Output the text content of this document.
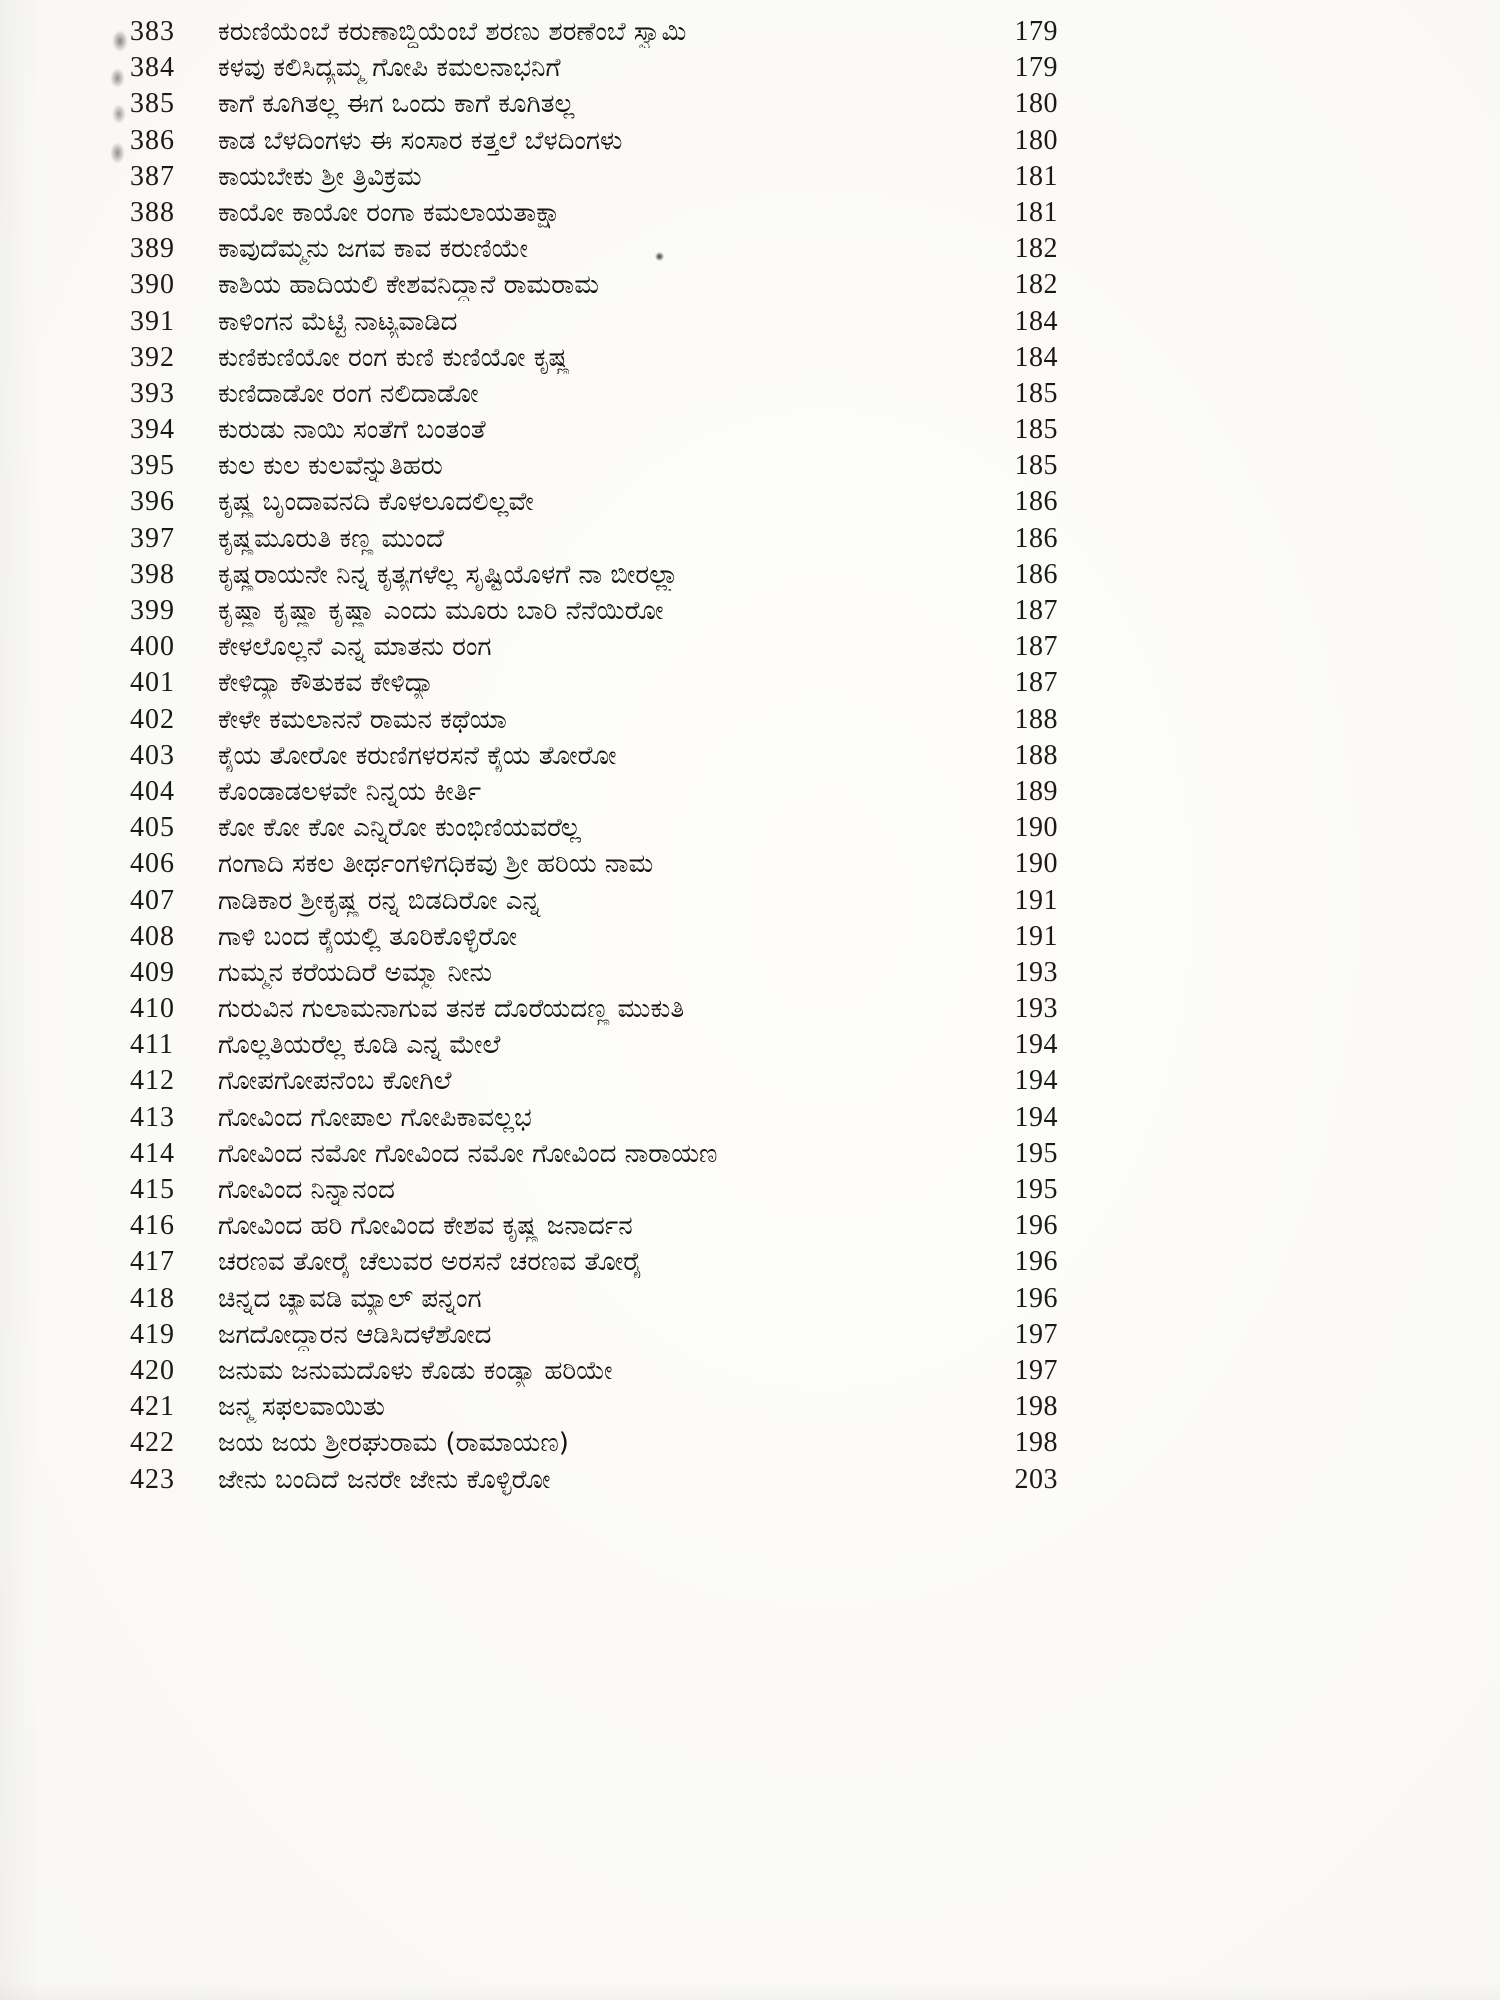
383	ಕರುಣಿಯೆಂಬೆ ಕರುಣಾಬ್ಧಿಯೆಂಬೆ ಶರಣು ಶರಣೆಂಬೆ ಸ್ವಾಮಿ	179
384	ಕಳವು ಕಲಿಸಿದ್ಯಮ್ಮ ಗೋಪಿ ಕಮಲನಾಭನಿಗೆ	179
385	ಕಾಗೆ ಕೂಗಿತಲ್ಲ ಈಗ ಒಂದು ಕಾಗೆ ಕೂಗಿತಲ್ಲ	180
386	ಕಾಡ ಬೆಳದಿಂಗಳು ಈ ಸಂಸಾರ ಕತ್ತಲೆ ಬೆಳದಿಂಗಳು	180
387	ಕಾಯಬೇಕು ಶ್ರೀ ತ್ರಿವಿಕ್ರಮ	181
388	ಕಾಯೋ ಕಾಯೋ ರಂಗಾ ಕಮಲಾಯತಾಕ್ಷಾ	181
389	ಕಾವುದೆಮ್ಮನು ಜಗವ ಕಾವ ಕರುಣಿಯೇ	182
390	ಕಾಶಿಯ ಹಾದಿಯಲಿ ಕೇಶವನಿದ್ದಾನೆ ರಾಮರಾಮ	182
391	ಕಾಳಿಂಗನ ಮೆಟ್ಟಿ ನಾಟ್ಯವಾಡಿದ	184
392	ಕುಣಿಕುಣಿಯೋ ರಂಗ ಕುಣಿ ಕುಣಿಯೋ ಕೃಷ್ಣ	184
393	ಕುಣಿದಾಡೋ ರಂಗ ನಲಿದಾಡೋ	185
394	ಕುರುಡು ನಾಯಿ ಸಂತೆಗೆ ಬಂತಂತೆ	185
395	ಕುಲ ಕುಲ ಕುಲವೆನ್ನುತಿಹರು	185
396	ಕೃಷ್ಣ ಬೃಂದಾವನದಿ ಕೊಳಲೂದಲಿಲ್ಲವೇ	186
397	ಕೃಷ್ಣಮೂರುತಿ ಕಣ್ಣ ಮುಂದೆ	186
398	ಕೃಷ್ಣರಾಯನೇ ನಿನ್ನ ಕೃತ್ಯಗಳೆಲ್ಲ ಸೃಷ್ಟಿಯೊಳಗೆ ನಾ ಬೀರಲ್ಲ್ಯಾ	186
399	ಕೃಷ್ಣಾ ಕೃಷ್ಣಾ ಕೃಷ್ಣಾ ಎಂದು ಮೂರು ಬಾರಿ ನೆನೆಯಿರೋ	187
400	ಕೇಳಲೊಲ್ಲನೆ ಎನ್ನ ಮಾತನು ರಂಗ	187
401	ಕೇಳಿದ್ಯಾ ಕೌತುಕವ ಕೇಳಿದ್ಯಾ	187
402	ಕೇಳೇ ಕಮಲಾನನೆ ರಾಮನ ಕಥೆಯಾ	188
403	ಕೈಯ ತೋರೋ ಕರುಣಿಗಳರಸನೆ ಕೈಯ ತೋರೋ	188
404	ಕೊಂಡಾಡಲಳವೇ ನಿನ್ನಯ ಕೀರ್ತಿ	189
405	ಕೋ ಕೋ ಕೋ ಎನ್ನಿರೋ ಕುಂಭಿಣಿಯವರೆಲ್ಲ	190
406	ಗಂಗಾದಿ ಸಕಲ ತೀರ್ಥಂಗಳಿಗಧಿಕವು ಶ್ರೀ ಹರಿಯ ನಾಮ	190
407	ಗಾಡಿಕಾರ ಶ್ರೀಕೃಷ್ಣ ರನ್ನ ಬಿಡದಿರೋ ಎನ್ನ	191
408	ಗಾಳಿ ಬಂದ ಕೈಯಲ್ಲಿ ತೂರಿಕೊಳ್ಳಿರೋ	191
409	ಗುಮ್ಮನ ಕರೆಯದಿರೆ ಅಮ್ಮಾ ನೀನು	193
410	ಗುರುವಿನ ಗುಲಾಮನಾಗುವ ತನಕ ದೊರೆಯದಣ್ಣ ಮುಕುತಿ	193
411	ಗೊಲ್ಲತಿಯರೆಲ್ಲ ಕೂಡಿ ಎನ್ನ ಮೇಲೆ	194
412	ಗೋಪಗೋಪನೆಂಬ ಕೋಗಿಲೆ	194
413	ಗೋವಿಂದ ಗೋಪಾಲ ಗೋಪಿಕಾವಲ್ಲಭ	194
414	ಗೋವಿಂದ ನಮೋ ಗೋವಿಂದ ನಮೋ ಗೋವಿಂದ ನಾರಾಯಣ	195
415	ಗೋವಿಂದ ನಿನ್ನಾನಂದ	195
416	ಗೋವಿಂದ ಹರಿ ಗೋವಿಂದ ಕೇಶವ ಕೃಷ್ಣ ಜನಾರ್ದನ	196
417	ಚರಣವ ತೋರೈ ಚೆಲುವರ ಅರಸನೆ ಚರಣವ ತೋರೈ	196
418	ಚಿನ್ನದ ಚ್ಯಾವಡಿ ಮ್ಯಾಲ್ ಪನ್ನಂಗ	196
419	ಜಗದೋದ್ಧಾರನ ಆಡಿಸಿದಳೆಶೋದ	197
420	ಜನುಮ ಜನುಮದೊಳು ಕೊಡು ಕಂಡ್ಯಾ ಹರಿಯೇ	197
421	ಜನ್ಮ ಸಫಲವಾಯಿತು	198
422	ಜಯ ಜಯ ಶ್ರೀರಘುರಾಮ (ರಾಮಾಯಣ)	198
423	ಜೇನು ಬಂದಿದೆ ಜನರೇ ಜೇನು ಕೊಳ್ಳಿರೋ	203
